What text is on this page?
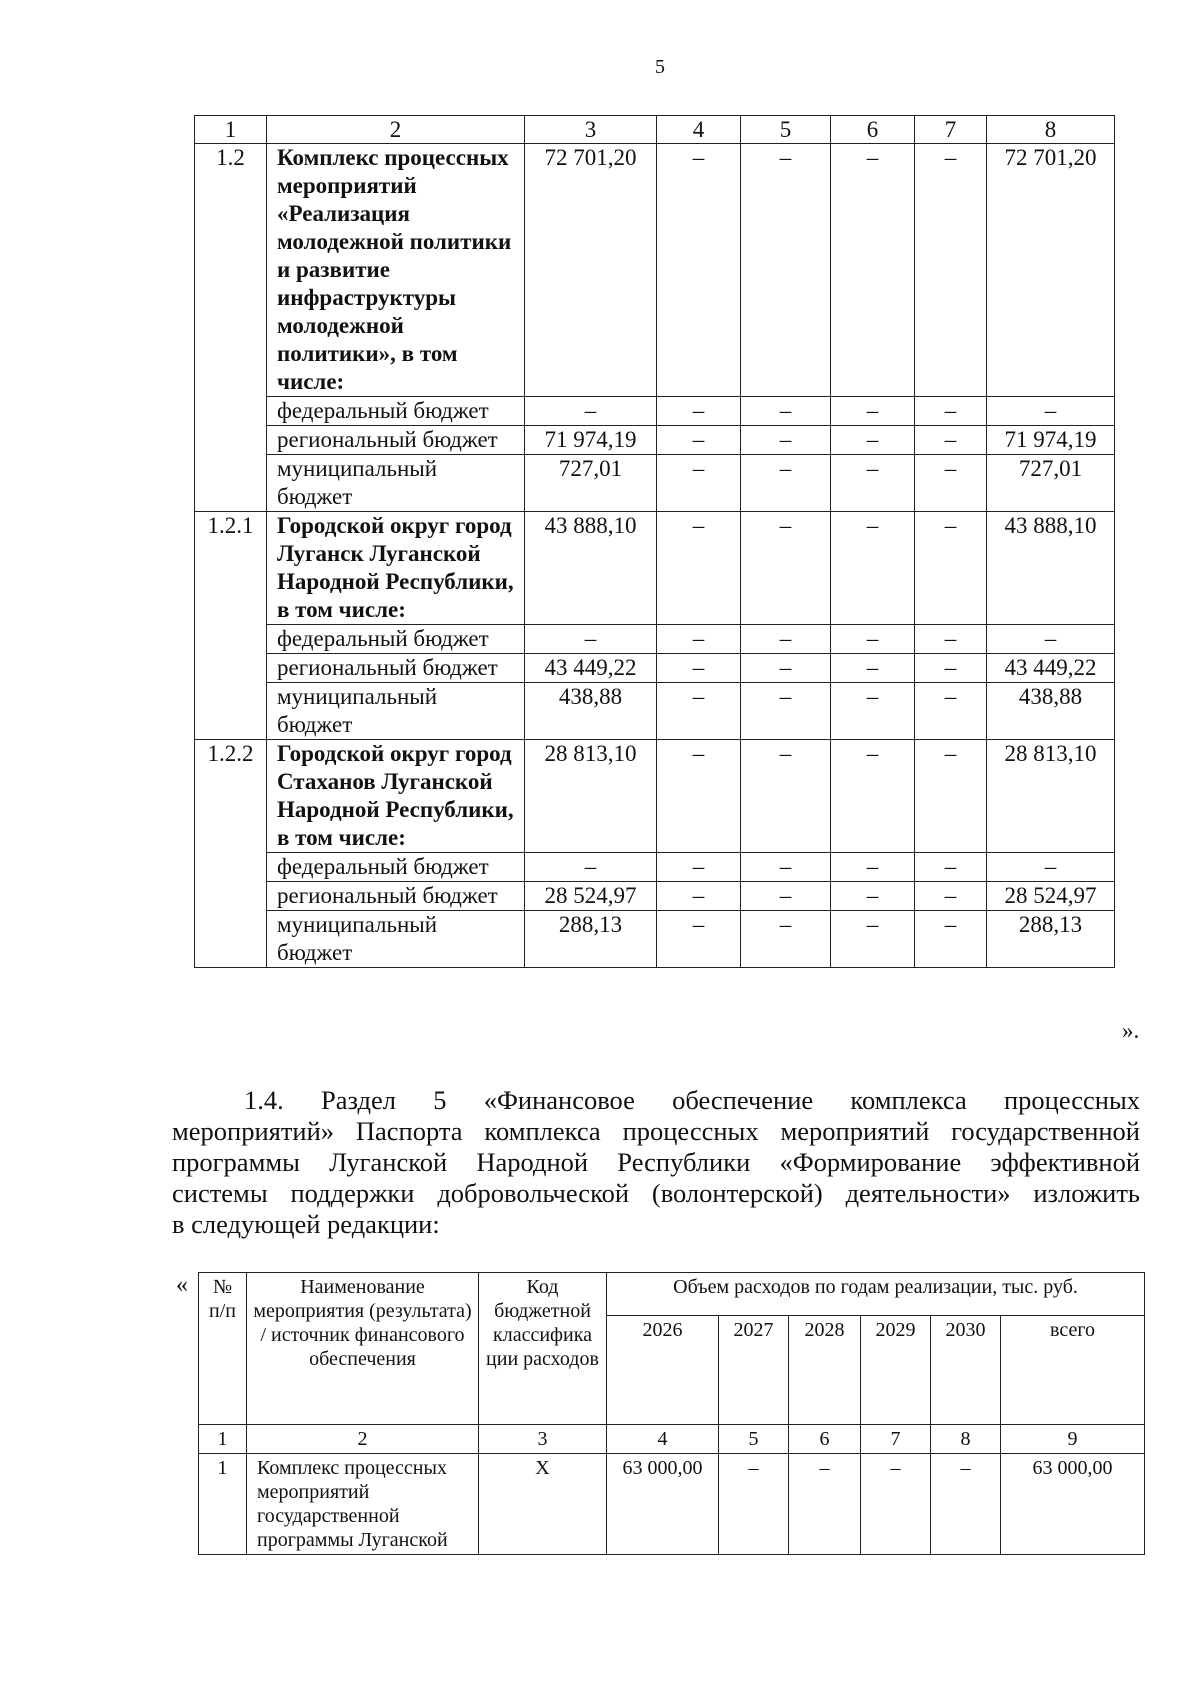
5
1	2	3	4	5	6	7	8
1.2	Комплекс процессных мероприятий «Реализация молодежной политики и развитие инфраструктуры молодежной политики», в том числе:	72 701,20	–	–	–	–	72 701,20
	федеральный бюджет	–	–	–	–	–	–
	региональный бюджет	71 974,19	–	–	–	–	71 974,19
	муниципальный бюджет	727,01	–	–	–	–	727,01
1.2.1	Городской округ город Луганск Луганской Народной Республики, в том числе:	43 888,10	–	–	–	–	43 888,10
	федеральный бюджет	–	–	–	–	–	–
	региональный бюджет	43 449,22	–	–	–	–	43 449,22
	муниципальный бюджет	438,88	–	–	–	–	438,88
1.2.2	Городской округ город Стаханов Луганской Народной Республики, в том числе:	28 813,10	–	–	–	–	28 813,10
	федеральный бюджет	–	–	–	–	–	–
	региональный бюджет	28 524,97	–	–	–	–	28 524,97
	муниципальный бюджет	288,13	–	–	–	–	288,13
».
1.4. Раздел 5 «Финансовое обеспечение комплекса процессных
мероприятий» Паспорта комплекса процессных мероприятий государственной
программы Луганской Народной Республики «Формирование эффективной
системы поддержки добровольческой (волонтерской) деятельности» изложить
в следующей редакции:
« № п/п	Наименование мероприятия (результата) / источник финансового обеспечения	Код бюджетной классифика ции расходов	Объем расходов по годам реализации, тыс. руб.					
			2026	2027	2028	2029	2030	всего
1	2	3	4	5	6	7	8	9
1	Комплекс процессных мероприятий государственной программы Луганской	Х	63 000,00	–	–	–	–	63 000,00
